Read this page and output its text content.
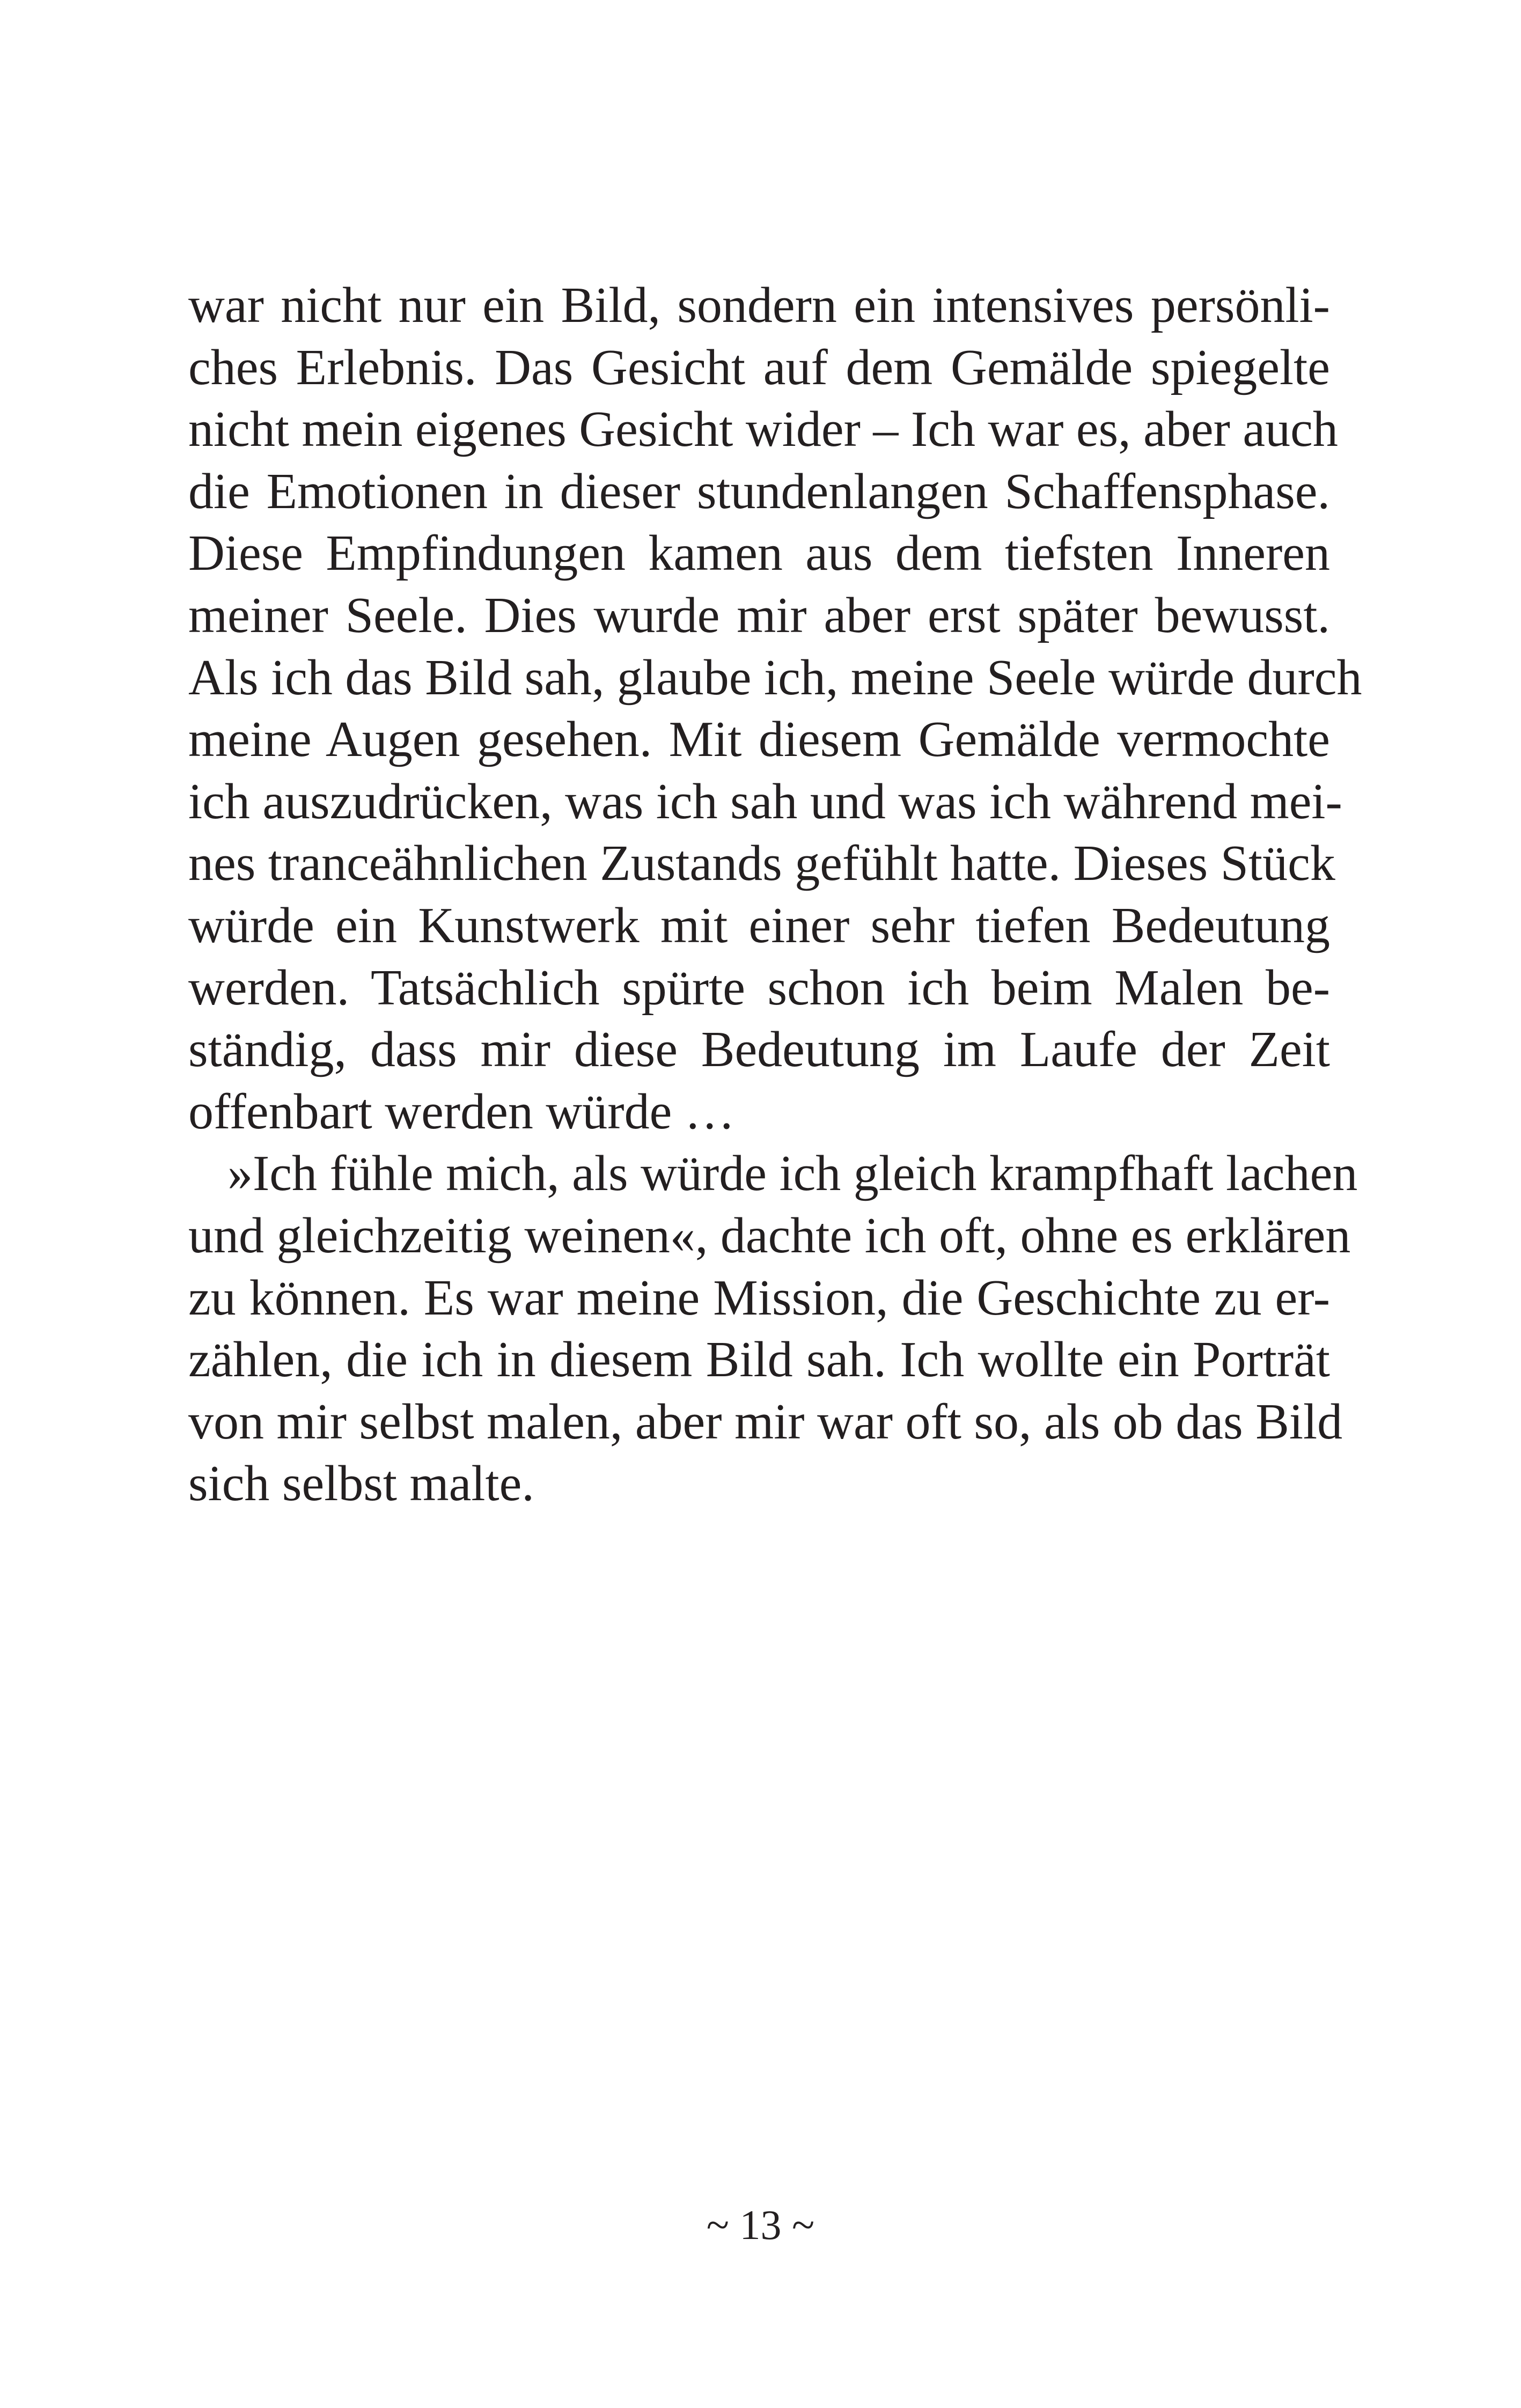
war nicht nur ein Bild, sondern ein intensives persönli-
ches Erlebnis. Das Gesicht auf dem Gemälde spiegelte
nicht mein eigenes Gesicht wider – Ich war es, aber auch
die Emotionen in dieser stundenlangen Schaffensphase.
Diese Empfindungen kamen aus dem tiefsten Inneren
meiner Seele. Dies wurde mir aber erst später bewusst.
Als ich das Bild sah, glaube ich, meine Seele würde durch
meine Augen gesehen. Mit diesem Gemälde vermochte
ich auszudrücken, was ich sah und was ich während mei-
nes tranceähnlichen Zustands gefühlt hatte. Dieses Stück
würde ein Kunstwerk mit einer sehr tiefen Bedeutung
werden. Tatsächlich spürte schon ich beim Malen be-
ständig, dass mir diese Bedeutung im Laufe der Zeit
offenbart werden würde …
»Ich fühle mich, als würde ich gleich krampfhaft lachen
und gleichzeitig weinen«, dachte ich oft, ohne es erklären
zu können. Es war meine Mission, die Geschichte zu er-
zählen, die ich in diesem Bild sah. Ich wollte ein Porträt
von mir selbst malen, aber mir war oft so, als ob das Bild
sich selbst malte.
~ 13 ~
